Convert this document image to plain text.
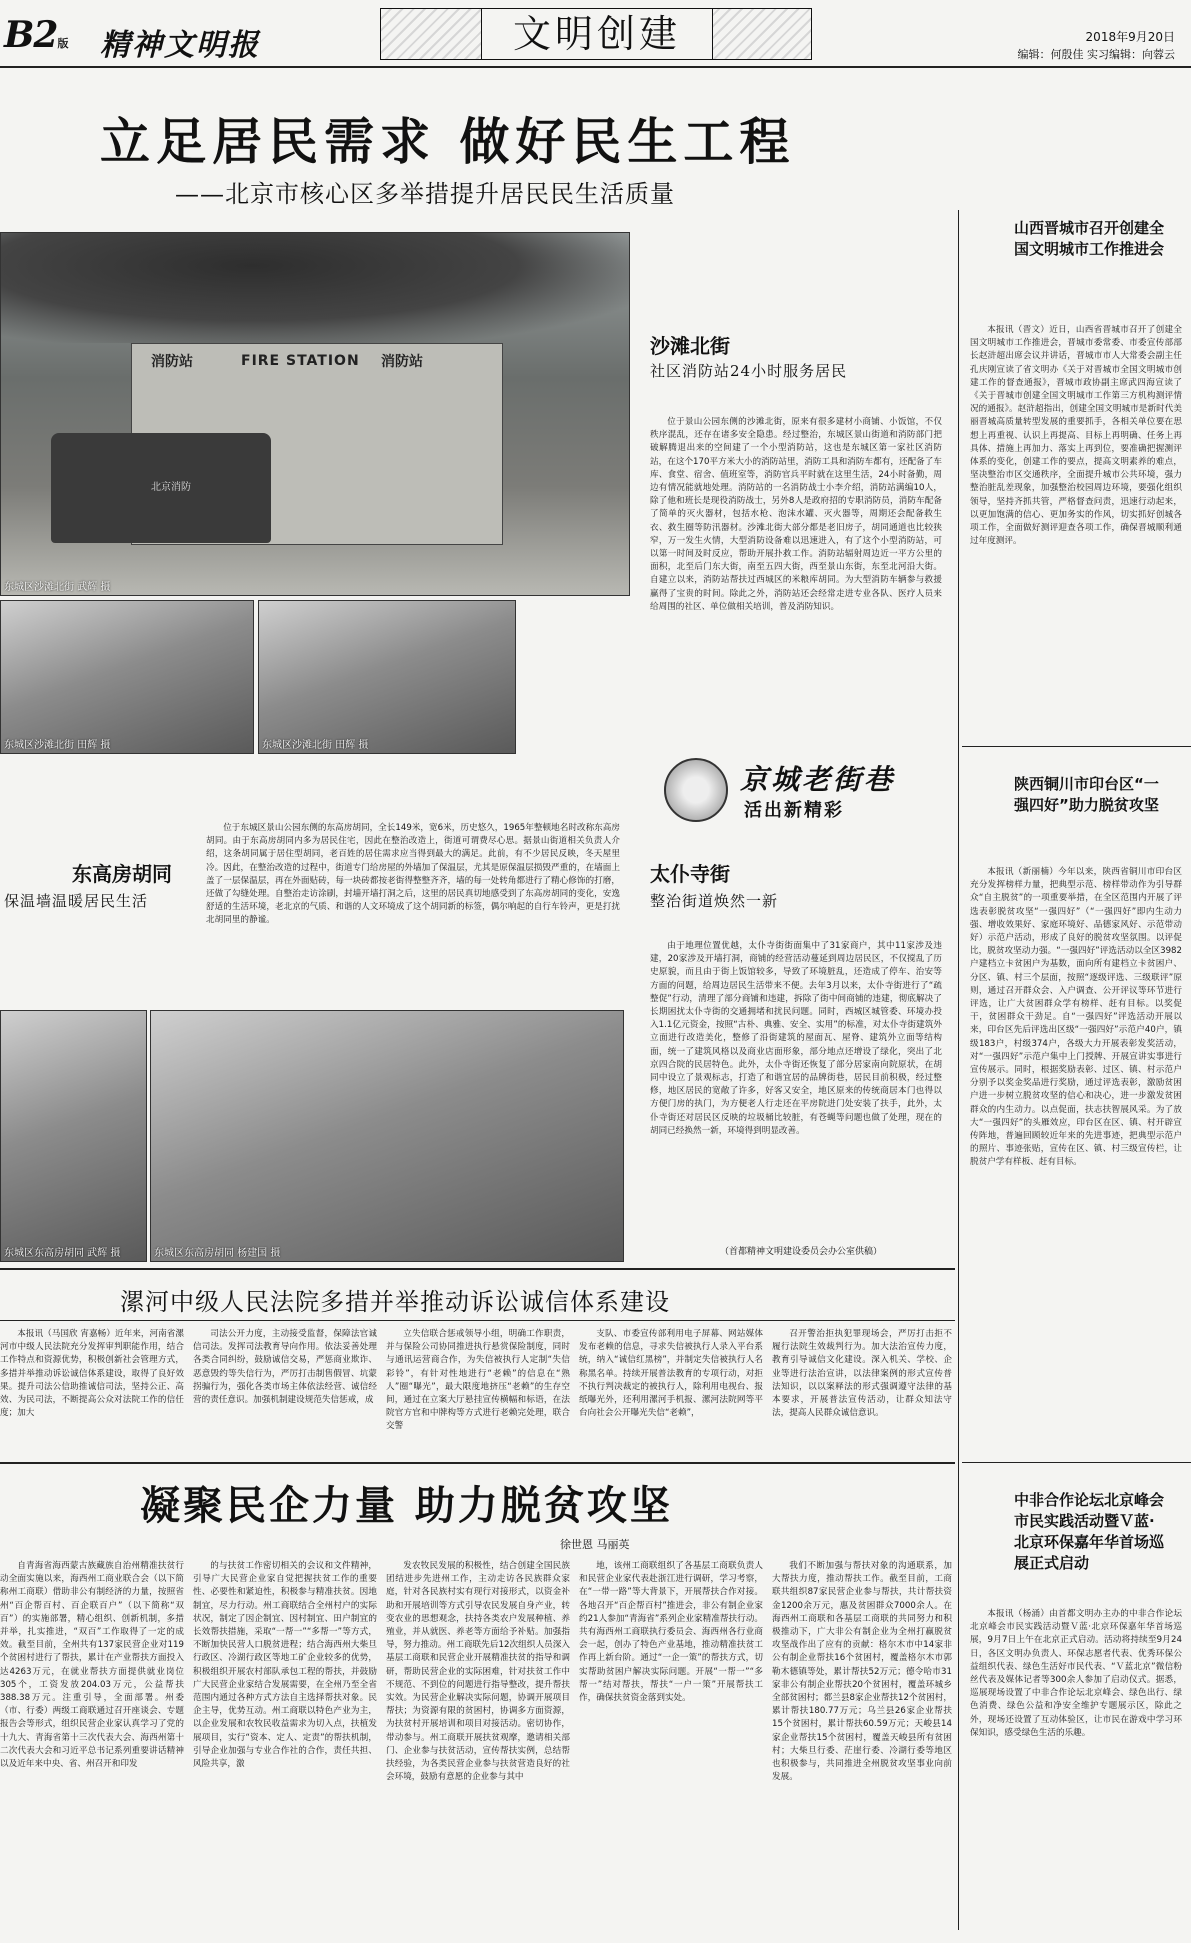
B2版 精神文明报	文明创建	2018年9月20日
编辑：何殷佳 实习编辑：向蓉云
立足居民需求 做好民生工程
——北京市核心区多举措提升居民民生活质量
消防站	FIRE STATION 消防站
北京消防
东城区沙滩北街 武辉 摄
东城区沙滩北街 田辉 摄	东城区沙滩北街 田辉 摄
沙滩北街
社区消防站24小时服务居民
位于景山公园东侧的沙滩北街，原来有很多建材小商铺、小饭馆，不仅秩序混乱，还存在诸多安全隐患。经过整治，东城区景山街道和消防部门把破解腾退出来的空间建了一个小型消防站，这也是东城区第一家社区消防站，在这个170平方米大小的消防站里，消防工具和消防车都有，还配备了车库、食堂、宿舍、值班室等，消防官兵平时就在这里生活，24小时备勤，周边有情况能就地处理。消防站的一名消防战士小李介绍，消防站满编10人，除了他和班长是现役消防战士，另外8人是政府招的专职消防员，消防车配备了简单的灭火器材，包括水枪、泡沫水罐、灭火器等，周期还会配备救生衣、救生圈等防汛器材。沙滩北街大部分都是老旧房子，胡同通道也比较狭窄，万一发生火情，大型消防设备难以迅速进入，有了这个小型消防站，可以第一时间及时反应，帮助开展扑救工作。消防站辐射周边近一平方公里的面积，北至后门东大街，南至五四大街，西至景山东街，东至北河沿大街。自建立以来，消防站帮扶过西城区的米粮库胡同。为大型消防车辆参与救援赢得了宝贵的时间。除此之外，消防站还会经常走进专业各队、医疗人员来给周围的社区、单位做相关培训，普及消防知识。
京城老街巷
活出新精彩
东高房胡同
保温墙温暖居民生活
位于东城区景山公园东侧的东高房胡同，全长149米，宽6米，历史悠久，1965年整顿地名时改称东高房胡同。由于东高房胡同内多为居民住宅，因此在整治改造上，街道可谓费尽心思。据景山街道相关负责人介绍，这条胡同属于居住型胡同，老百姓的居住需求应当得到最大的满足。此前，有不少居民反映，冬天屋里冷。因此，在整治改造的过程中，街道专门给房屋的外墙加了保温层，尤其是原保温层损毁严重的，在墙面上盖了一层保温层，再在外面贴砖，每一块砖都按老街得整整齐齐，墙的每一处转角都进行了精心修饰的打磨，还做了勾缝处理。自整治走访涂刷，封墙开墙打洞之后，这里的居民真切地感受到了东高房胡同的变化，安逸舒适的生活环境，老北京的气质、和谐的人文环境成了这个胡同新的标签，偶尔响起的自行车铃声，更是打扰北胡同里的静谧。
太仆寺街
整治街道焕然一新
由于地理位置优越，太仆寺街街面集中了31家商户，其中11家涉及违建，20家涉及开墙打洞，商铺的经营活动蔓延到周边居民区，不仅搅乱了历史原貌，而且由于街上饭馆较多，导致了环境脏乱，还造成了停车、治安等方面的问题，给周边居民生活带来不便。去年3月以来，太仆寺街进行了“疏整促”行动，清理了部分商铺和违建，拆除了街中间商铺的违建，彻底解决了长期困扰太仆寺街的交通拥堵和扰民问题。同时，西城区城管委、环境办投入1.1亿元资金，按照“古朴、典雅、安全、实用”的标准，对太仆寺街建筑外立面进行改造美化，整修了沿街建筑的屋面瓦、屋脊、建筑外立面等结构面，统一了建筑风格以及商业店面形象，部分地点还增设了绿化，突出了北京四合院的民居特色。此外，太仆寺街还恢复了部分居家南向院原状，在胡同中设立了景观标志，打造了和谐宜居的品牌街巷，居民目前积极，经过整修，地区居民的宽敞了许多，好客又安全，地区原来的传统商居本门也得以方便门房的执门，为方便老人行走还在平房院进门处安装了扶手，此外，太仆寺街还对居民区反映的垃圾桶比较脏，有苍蝇等问题也做了处理，现在的胡同已经换然一新，环境得到明显改善。
（首都精神文明建设委员会办公室供稿）
东城区东高房胡同 武辉 摄	东城区东高房胡同 杨建国 摄
漯河中级人民法院多措并举推动诉讼诚信体系建设
本报讯（马国欣 宵嘉畅）近年来，河南省漯河市中级人民法院充分发挥审判职能作用，结合工作特点和资源优势，积极创新社会管理方式，多措并举推动诉讼诚信体系建设，取得了良好效果。提升司法公信助推诚信司法，坚持公正、高效、为民司法，不断提高公众对法院工作的信任度；加大
司法公开力度，主动接受监督，保障法官诚信司法。发挥司法教育导向作用。依法妥善处理各类合同纠纷，鼓励诚信交易，严惩商业欺诈、恶意毁约等失信行为，严厉打击制售假冒、坑蒙拐骗行为，强化各类市场主体依法经营、诚信经营的责任意识。加强机制建设规范失信惩戒，成
立失信联合惩戒领导小组，明确工作职责，并与保险公司协同推进执行悬赏保险制度，同时与通讯运营商合作，为失信被执行人定制“失信彩铃”，有针对性地进行“老赖”的信息在“熟人”圈“曝光”，最大限度地挤压“老赖”的生存空间，通过在立案大厅悬挂宣传横幅和标语，在法院官方官和中牌构等方式进行老赖完处理，联合交警
支队、市委宣传部利用电子屏幕、网站媒体发布老赖的信息，寻求失信被执行人录入平台系统，纳入“诚信红黑榜”，并制定失信被执行人名称黑名单。持续开展普法教育的专项行动，对拒不执行判决裁定的被执行人，除利用电视台、报纸曝光外，还利用漯河手机报、漯河法院网等平台向社会公开曝光失信“老赖”，
召开警治拒执犯罪现场会，严厉打击拒不履行法院生效裁判行为。加大法治宣传力度，教育引导诚信文化建设。深入机关、学校、企业等进行法治宣讲，以法律案例的形式宣传普法知识，以以案释法的形式强调遵守法律的基本要求，开展普法宣传活动，让群众知法守法，提高人民群众诚信意识。
凝聚民企力量 助力脱贫攻坚
徐世恩 马丽英
自青海省海西蒙古族藏族自治州精准扶贫行动全面实施以来，海西州工商业联合会（以下简称州工商联）借助非公有制经济的力量，按照省州“百企帮百村、百企联百户”（以下简称“双百”）的实施部署，精心组织、创新机制，多措并举，扎实推进，“双百”工作取得了一定的成效。截至目前，全州共有137家民营企业对119个贫困村进行了帮扶，累计在产业帮扶方面投入达4263万元，在就业帮扶方面提供就业岗位305个，工资发放204.03万元，公益帮扶388.38万元。注重引导，全面部署。州委（市、行委）两级工商联通过召开座谈会、专题报告会等形式，组织民营企业家认真学习了党的十九大、青海省第十三次代表大会、海西州第十二次代表大会和习近平总书记系列重要讲话精神以及近年来中央、省、州召开和印发
的与扶贫工作密切相关的会议和文件精神，引导广大民营企业家自觉把握扶贫工作的重要性、必要性和紧迫性，积极参与精准扶贫。因地制宜，尽力行动。州工商联结合全州村户的实际状况，制定了因企制宜、因村制宜、田户制宜的长效帮扶措施，采取“一帮一”“多帮一”等方式，不断加快民营人口脱贫进程；结合海西州大柴旦行政区、冷湖行政区等地工矿企业较多的优势，积极组织开展农村部队承包工程的帮扶，并鼓励广大民营企业家结合发展需要，在全州乃至全省范围内通过各种方式方法自主选择帮扶对象。民企主导，优势互动。州工商联以特色产业为主，以企业发展和农牧民收益需求为切入点，扶植发展项目，实行“资本、定人、定责”的帮扶机制，引导企业加强与专业合作社的合作，责任共担、风险共享，激
发农牧民发展的积极性，结合创建全国民族团结进步先进州工作，主动走访各民族群众家庭，针对各民族村实有现行对接形式，以资金补助和开展培训等方式引导农民发展自身产业，转变农业的思想观念，扶持各类农户发展种植、养殖业，并从就医、养老等方面给予补贴。加强指导，努力推动。州工商联先后12次组织人员深入基层工商联和民营企业开展精准扶贫的指导和调研，帮助民营企业的实际困难，针对扶贫工作中不规范、不到位的问题进行指导整改，提升帮扶实效。为民营企业解决实际问题，协调开展项目帮扶；为资源有限的贫困村，协调多方面资源，为扶贫村开展培训和项目对接活动。密切协作，带动参与。州工商联开展扶贫观摩，邀请相关部门、企业参与扶贫活动，宣传帮扶实例，总结帮扶经验，为各类民营企业参与扶贫营造良好的社会环境，鼓励有意愿的企业参与其中
地，该州工商联组织了各基层工商联负责人和民营企业家代表赴浙江进行调研，学习考察，在“一带一路”等大背景下，开展帮扶合作对接。各地召开“百企帮百村”推进会，非公有制企业家约21人参加“青海省”系列企业家精准帮扶行动。共有海西州工商联执行委员会、海西州各行业商会一起，创办了特色产业基地，推动精准扶贫工作再上新台阶。通过“一企一策”的帮扶方式，切实帮助贫困户解决实际问题。开展“一帮一”“多帮一”结对帮扶，帮扶“一户一策”开展帮扶工作，确保扶贫资金落到实处。
我们不断加强与帮扶对象的沟通联系，加大帮扶力度，推动帮扶工作。截至目前，工商联共组织87家民营企业参与帮扶，共计帮扶资金1200余万元，惠及贫困群众7000余人。在海西州工商联和各基层工商联的共同努力和积极推动下，广大非公有制企业为全州打赢脱贫攻坚战作出了应有的贡献：格尔木市中14家非公有制企业帮扶16个贫困村，覆盖格尔木市郭勒木德镇等处，累计帮扶52万元；德令哈市31家非公有制企业帮扶20个贫困村，覆盖环城乡全部贫困村；都兰县8家企业帮扶12个贫困村，累计帮扶180.77万元；乌兰县26家企业帮扶15个贫困村，累计帮扶60.59万元；天峻县14家企业帮扶15个贫困村，覆盖天峻县所有贫困村；大柴旦行委、茫崖行委、冷湖行委等地区也积极参与，共同推进全州脱贫攻坚事业向前发展。
山西晋城市召开创建全国文明城市工作推进会
本报讯（晋文）近日，山西省晋城市召开了创建全国文明城市工作推进会，晋城市委常委、市委宣传部部长赵浒超出席会议并讲话，晋城市市人大常委会副主任孔庆刚宣读了省文明办《关于对晋城市全国文明城市创建工作的督查通报》，晋城市政协副主席武四海宣读了《关于晋城市创建全国文明城市工作第三方机构测评情况的通报》。赵浒超指出，创建全国文明城市是新时代美丽晋城高质量转型发展的重要抓手，各相关单位要在思想上再重视、认识上再提高、目标上再明确、任务上再具体、措施上再加力、落实上再到位，要准确把握测评体系的变化，创建工作的要点，提高文明素养的难点，坚决整治市区交通秩序，全面提升城市公共环境，强力整治脏乱差现象，加强整治校园周边环境，要强化组织领导，坚持齐抓共管，严格督查问责，迅速行动起来，以更加饱满的信心、更加务实的作风，切实抓好创城各项工作，全面做好测评迎查各项工作，确保晋城顺利通过年度测评。
陕西铜川市印台区“一强四好”助力脱贫攻坚
本报讯（新丽楠）今年以来，陕西省铜川市印台区充分发挥榜样力量，把典型示范、榜样带动作为引导群众“自主脱贫”的一项重要举措，在全区范围内开展了评选表彰脱贫攻坚“一强四好”（“一强四好”即内生动力强、增收效果好、家庭环境好、品德家风好、示范带动好）示范户活动，形成了良好的脱贫攻坚氛围。以评促比，脱贫攻坚动力强。“一强四好”评选活动以全区3982户建档立卡贫困户为基数，面向所有建档立卡贫困户、分区、镇、村三个层面，按照“逐级评选、三级联评”原则，通过召开群众会、入户调查、公开评议等环节进行评选，让广大贫困群众学有榜样、赶有目标。以奖促干，贫困群众干劲足。自“一强四好”评选活动开展以来，印台区先后评选出区级“一强四好”示范户40户，镇级183户，村级374户，各级大力开展表彰发奖活动，对“一强四好”示范户集中上门授牌、开展宣讲实事进行宣传展示。同时，根据奖励表彰、过区、镇、村示范户分别予以奖金奖品进行奖励，通过评选表彰，激励贫困户进一步树立脱贫攻坚的信心和决心，进一步激发贫困群众的内生动力。以点促面，扶志扶智展风采。为了放大“一强四好”的头雁效应，印台区在区、镇、村开辟宣传阵地，普遍回顾较近年来的先进事迹，把典型示范户的照片、事迹张贴，宣传在区、镇、村三级宣传栏，让脱贫户学有样板、赶有目标。
中非合作论坛北京峰会市民实践活动暨Ｖ蓝·北京环保嘉年华首场巡展正式启动
本报讯（杨涌）由首都文明办主办的中非合作论坛北京峰会市民实践活动暨Ｖ蓝·北京环保嘉年华首场巡展，9月7日上午在北京正式启动。活动将持续至9月24日，各区文明办负责人、环保志愿者代表、优秀环保公益组织代表、绿色生活好市民代表、“Ｖ蓝北京”微信粉丝代表及媒体记者等300余人参加了启动仪式。据悉，巡展现场设置了中非合作论坛北京峰会、绿色出行、绿色消费、绿色公益和净安全维护专题展示区，除此之外，现场还设置了互动体验区，让市民在游戏中学习环保知识，感受绿色生活的乐趣。
